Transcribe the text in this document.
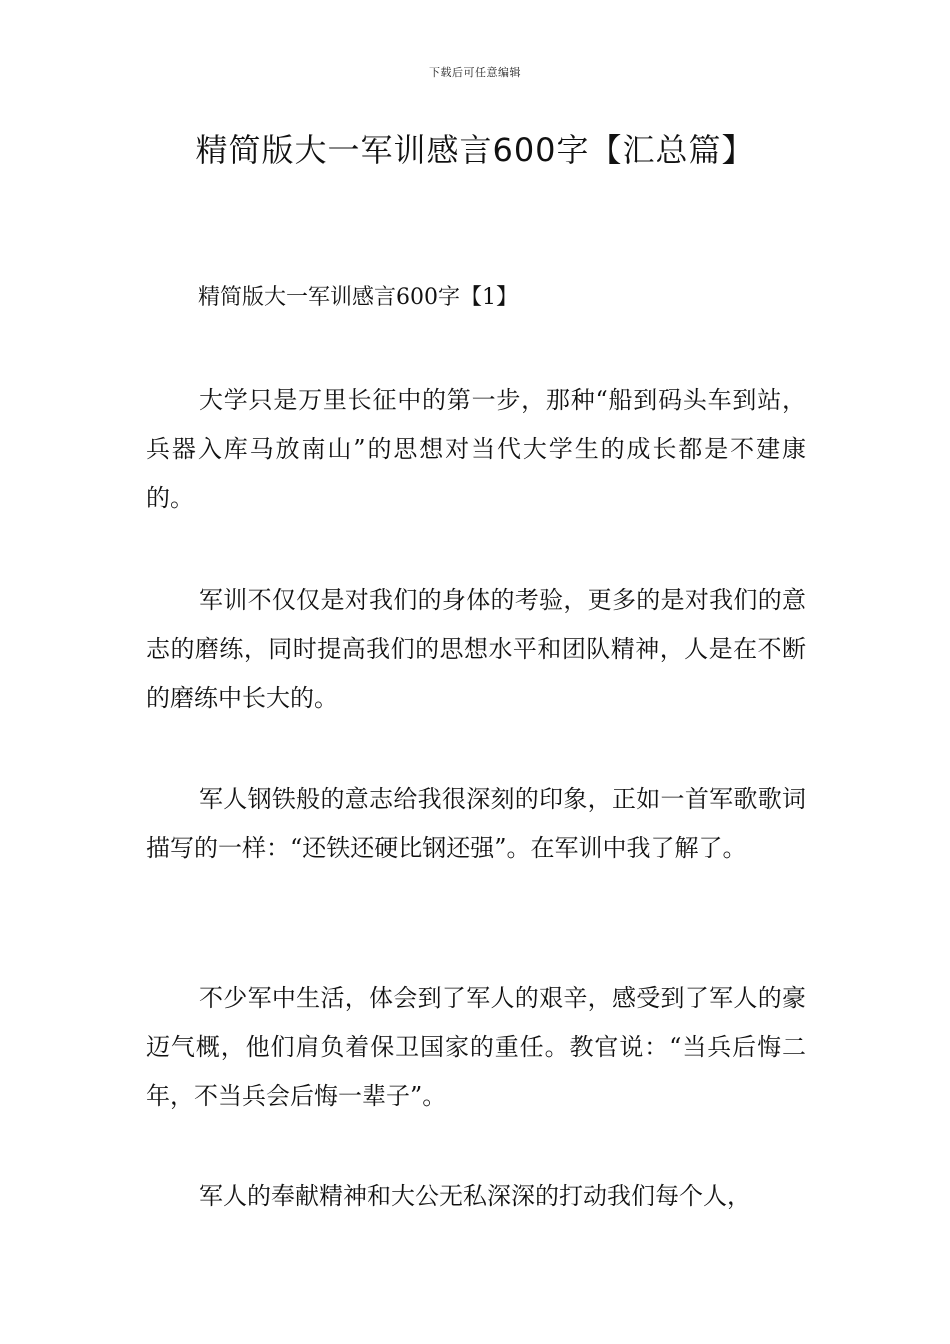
下载后可任意编辑
精简版大一军训感言600字【汇总篇】
精简版大一军训感言600字【1】

大学只是万里长征中的第一步，那种“船到码头车到站，兵器入库马放南山”的思想对当代大学生的成长都是不建康的。

军训不仅仅是对我们的身体的考验，更多的是对我们的意志的磨练，同时提高我们的思想水平和团队精神，人是在不断的磨练中长大的。

军人钢铁般的意志给我很深刻的印象，正如一首军歌歌词描写的一样：“还铁还硬比钢还强”。在军训中我了解了。

不少军中生活，体会到了军人的艰辛，感受到了军人的豪迈气概，他们肩负着保卫国家的重任。教官说：“当兵后悔二年，不当兵会后悔一辈子”。

军人的奉献精神和大公无私深深的打动我们每个人，
